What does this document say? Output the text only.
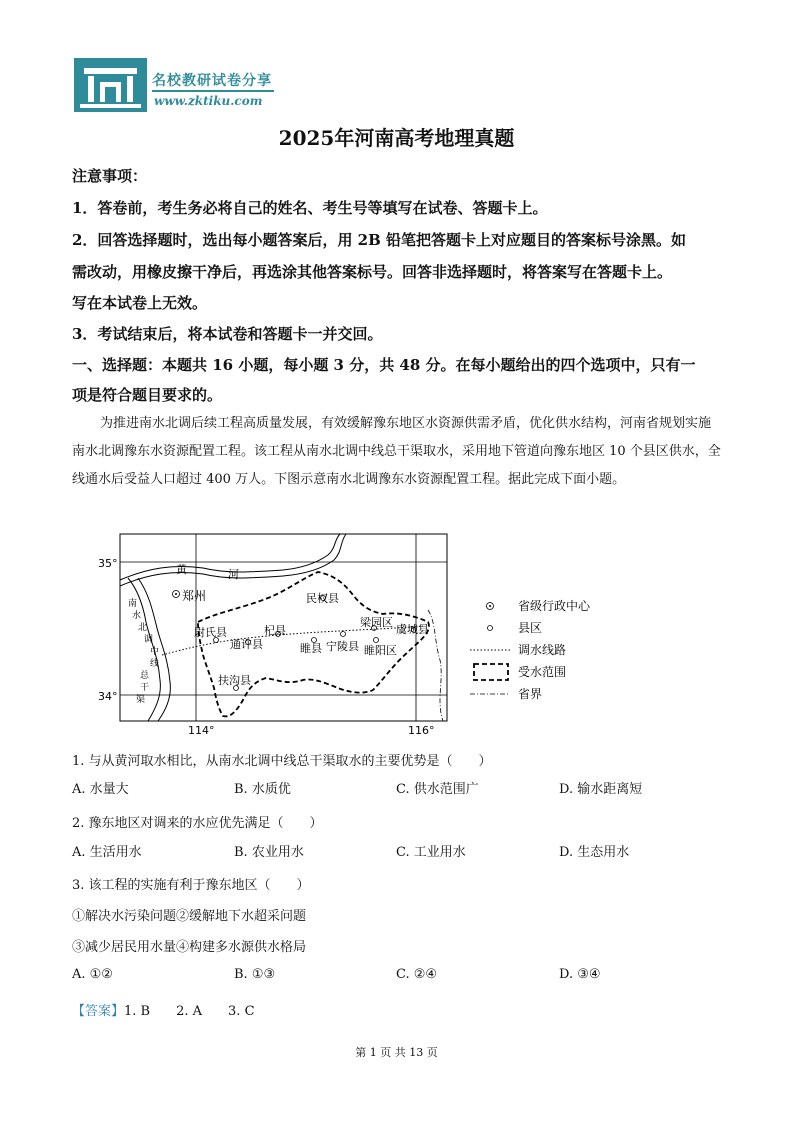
名校教研试卷分享
www.zktiku.com
2025年河南高考地理真题
注意事项：
1．答卷前，考生务必将自己的姓名、考生号等填写在试卷、答题卡上。
2．回答选择题时，选出每小题答案后，用 2B 铅笔把答题卡上对应题目的答案标号涂黑。如
需改动，用橡皮擦干净后，再选涂其他答案标号。回答非选择题时，将答案写在答题卡上。
写在本试卷上无效。
3．考试结束后，将本试卷和答题卡一并交回。
一、选择题：本题共 16 小题，每小题 3 分，共 48 分。在每小题给出的四个选项中，只有一
项是符合题目要求的。
为推进南水北调后续工程高质量发展，有效缓解豫东地区水资源供需矛盾，优化供水结构，河南省规划实施南水北调豫东水资源配置工程。该工程从南水北调中线总干渠取水，采用地下管道向豫东地区 10 个县区供水，全线通水后受益人口超过 400 万人。下图示意南水北调豫东水资源配置工程。据此完成下面小题。
35°
34°
114°	116°
黄	河
郑州	民权县
尉氏县
通许县
杞县
睢县 宁陵县
梁园区
虞城县
睢阳区
扶沟县
南
水
北
调
中
线
总
干
渠
省级行政中心
县区
调水线路
受水范围
省界
1. 与从黄河取水相比，从南水北调中线总干渠取水的主要优势是（　　）
A. 水量大	B. 水质优	C. 供水范围广	D. 输水距离短
2. 豫东地区对调来的水应优先满足（　　）
A. 生活用水	B. 农业用水	C. 工业用水	D. 生态用水
3. 该工程的实施有利于豫东地区（　　）
①解决水污染问题②缓解地下水超采问题
③减少居民用水量④构建多水源供水格局
A. ①②	B. ①③	C. ②④	D. ③④
【答案】1. B　　2. A　　3. C
第 1 页 共 13 页
